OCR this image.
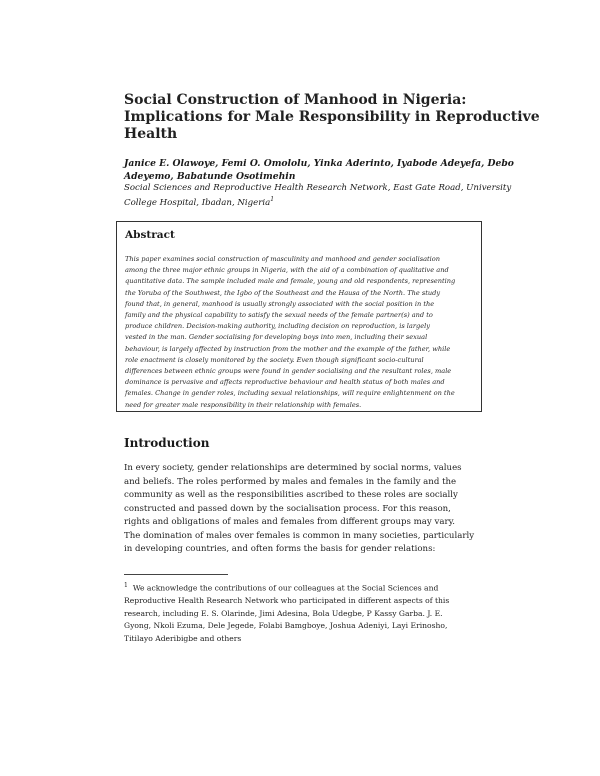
Social Construction of Manhood in Nigeria:
Implications for Male Responsibility in Reproductive
Health
Janice E. Olawoye, Femi O. Omololu, Yinka Aderinto, Iyabode Adeyefa, Debo
Adeyemo, Babatunde Osotimehin
Social Sciences and Reproductive Health Research Network, East Gate Road, University
College Hospital, Ibadan, Nigeria$^1$
Abstract
This paper examines social construction of masculinity and manhood and gender socialisation
among the three major ethnic groups in Nigeria, with the aid of a combination of qualitative and
quantitative data. The sample included male and female, young and old respondents, representing
the Yoruba of the Southwest, the Igbo of the Southeast and the Hausa of the North. The study
found that, in general, manhood is usually strongly associated with the social position in the
family and the physical capability to satisfy the sexual needs of the female partner(s) and to
produce children. Decision-making authority, including decision on reproduction, is largely
vested in the man. Gender socialising for developing boys into men, including their sexual
behaviour, is largely affected by instruction from the mother and the example of the father, while
role enactment is closely monitored by the society. Even though significant socio-cultural
differences between ethnic groups were found in gender socialising and the resultant roles, male
dominance is pervasive and affects reproductive behaviour and health status of both males and
females. Change in gender roles, including sexual relationships, will require enlightenment on the
need for greater male responsibility in their relationship with females.
Introduction
In every society, gender relationships are determined by social norms, values
and beliefs. The roles performed by males and females in the family and the
community as well as the responsibilities ascribed to these roles are socially
constructed and passed down by the socialisation process. For this reason,
rights and obligations of males and females from different groups may vary.
The domination of males over females is common in many societies, particularly
in developing countries, and often forms the basis for gender relations:
$^1$ We acknowledge the contributions of our colleagues at the Social Sciences and
Reproductive Health Research Network who participated in different aspects of this
research, including E. S. Olarinde, Jimi Adesina, Bola Udegbe, P Kassy Garba. J. E.
Gyong, Nkoli Ezuma, Dele Jegede, Folabi Bamgboye, Joshua Adeniyi, Layi Erinosho,
Titilayo Aderibigbe and others
